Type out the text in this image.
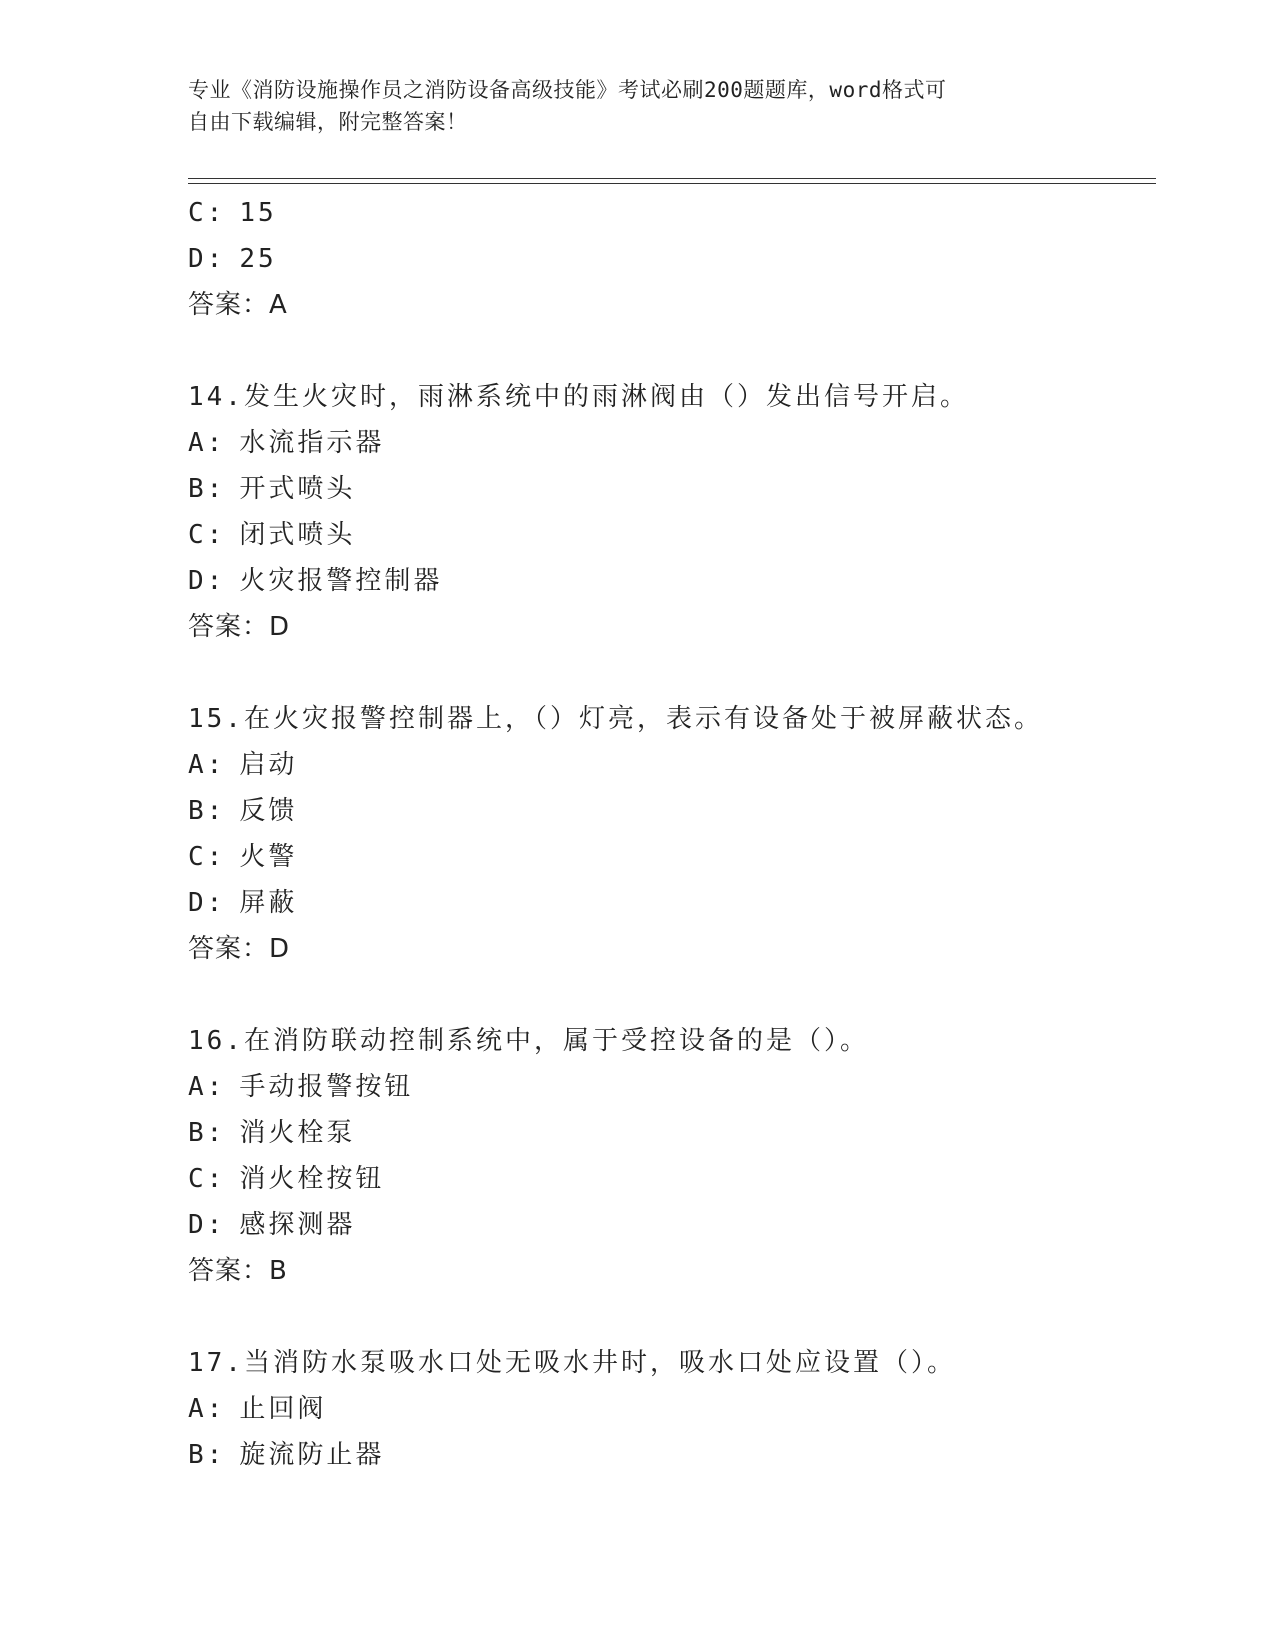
专业《消防设施操作员之消防设备高级技能》考试必刷200题题库，word格式可
自由下载编辑，附完整答案！
C: 15
D: 25
答案：A
14.发生火灾时，雨淋系统中的雨淋阀由（）发出信号开启。
A: 水流指示器
B: 开式喷头
C: 闭式喷头
D: 火灾报警控制器
答案：D
15.在火灾报警控制器上，（）灯亮，表示有设备处于被屏蔽状态。
A: 启动
B: 反馈
C: 火警
D: 屏蔽
答案：D
16.在消防联动控制系统中，属于受控设备的是（）。
A: 手动报警按钮
B: 消火栓泵
C: 消火栓按钮
D: 感探测器
答案：B
17.当消防水泵吸水口处无吸水井时，吸水口处应设置（）。
A: 止回阀
B: 旋流防止器
